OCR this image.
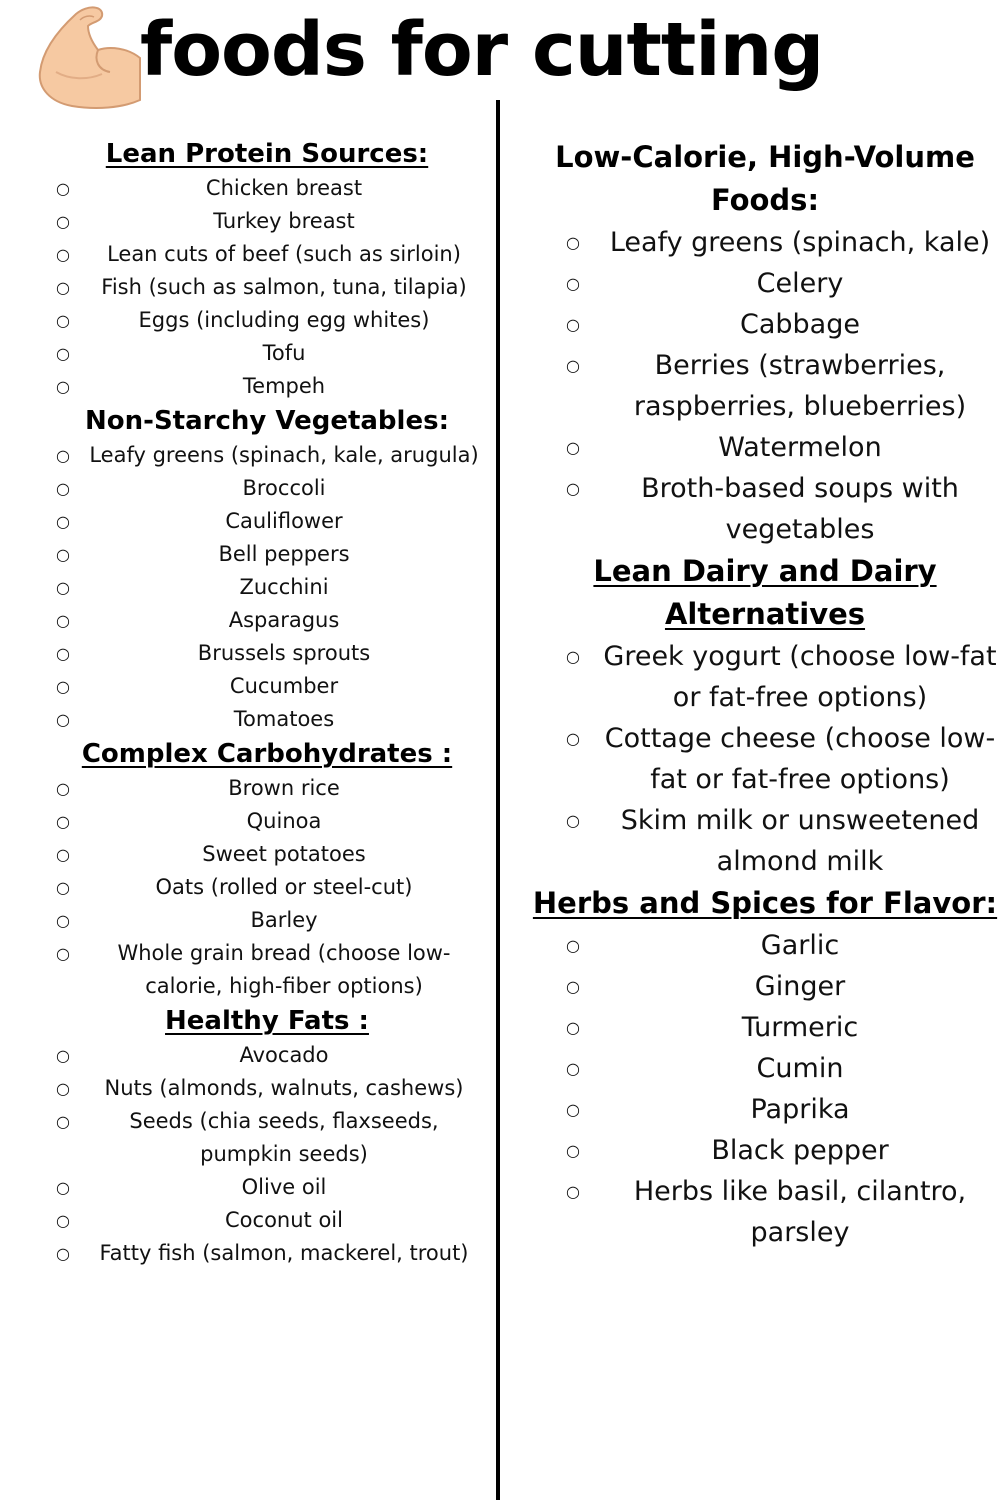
foods for cutting
Lean Protein Sources:
○	Chicken breast
○	Turkey breast
○	Lean cuts of beef (such as sirloin)
○	Fish (such as salmon, tuna, tilapia)
○	Eggs (including egg whites)
○	Tofu
○	Tempeh
Non-Starchy Vegetables:
○ Leafy greens (spinach, kale, arugula)
○	Broccoli
○	Cauliflower
○	Bell peppers
○	Zucchini
○	Asparagus
○	Brussels sprouts
○	Cucumber
○	Tomatoes
Complex Carbohydrates :
○	Brown rice
○	Quinoa
○	Sweet potatoes
○	Oats (rolled or steel-cut)
○	Barley
○	Whole grain bread (choose low-calorie, high-fiber options)
Healthy Fats :
○	Avocado
○	Nuts (almonds, walnuts, cashews)
○	Seeds (chia seeds, flaxseeds, pumpkin seeds)
○	Olive oil
○	Coconut oil
○	Fatty fish (salmon, mackerel, trout)
Low-Calorie, High-Volume Foods:
○	Leafy greens (spinach, kale)
○	Celery
○	Cabbage
○	Berries (strawberries, raspberries, blueberries)
○	Watermelon
○	Broth-based soups with vegetables
Lean Dairy and Dairy Alternatives
○ Greek yogurt (choose low-fat or fat-free options)
○ Cottage cheese (choose low-fat or fat-free options)
○	Skim milk or unsweetened almond milk
Herbs and Spices for Flavor:
○	Garlic
○	Ginger
○	Turmeric
○	Cumin
○	Paprika
○	Black pepper
○	Herbs like basil, cilantro, parsley
